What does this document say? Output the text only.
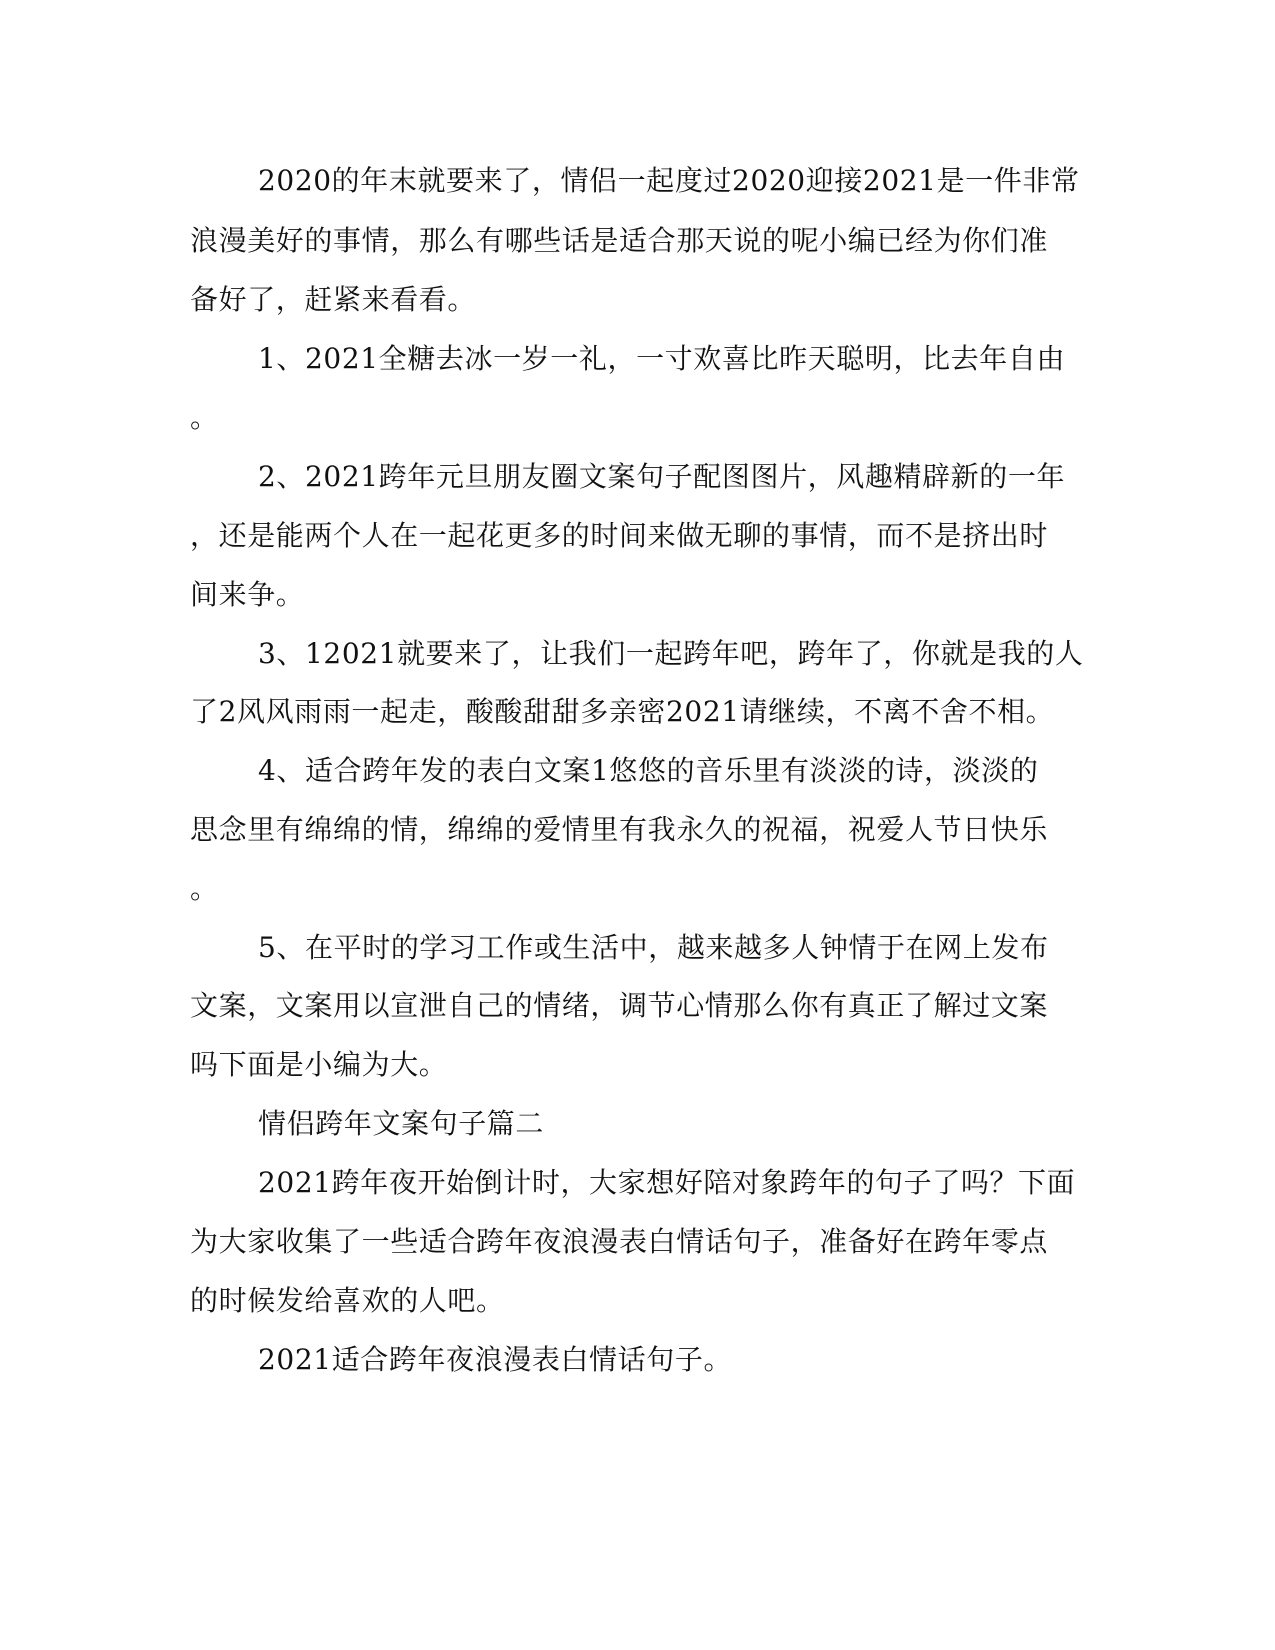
2020的年末就要来了，情侣一起度过2020迎接2021是一件非常
浪漫美好的事情，那么有哪些话是适合那天说的呢小编已经为你们准
备好了，赶紧来看看。
1、2021全糖去冰一岁一礼，一寸欢喜比昨天聪明，比去年自由
。
2、2021跨年元旦朋友圈文案句子配图图片，风趣精辟新的一年
，还是能两个人在一起花更多的时间来做无聊的事情，而不是挤出时
间来争。
3、12021就要来了，让我们一起跨年吧，跨年了，你就是我的人
了2风风雨雨一起走，酸酸甜甜多亲密2021请继续，不离不舍不相。
4、适合跨年发的表白文案1悠悠的音乐里有淡淡的诗，淡淡的
思念里有绵绵的情，绵绵的爱情里有我永久的祝福，祝爱人节日快乐
。
5、在平时的学习工作或生活中，越来越多人钟情于在网上发布
文案，文案用以宣泄自己的情绪，调节心情那么你有真正了解过文案
吗下面是小编为大。
情侣跨年文案句子篇二
2021跨年夜开始倒计时，大家想好陪对象跨年的句子了吗？下面
为大家收集了一些适合跨年夜浪漫表白情话句子，准备好在跨年零点
的时候发给喜欢的人吧。
2021适合跨年夜浪漫表白情话句子。
